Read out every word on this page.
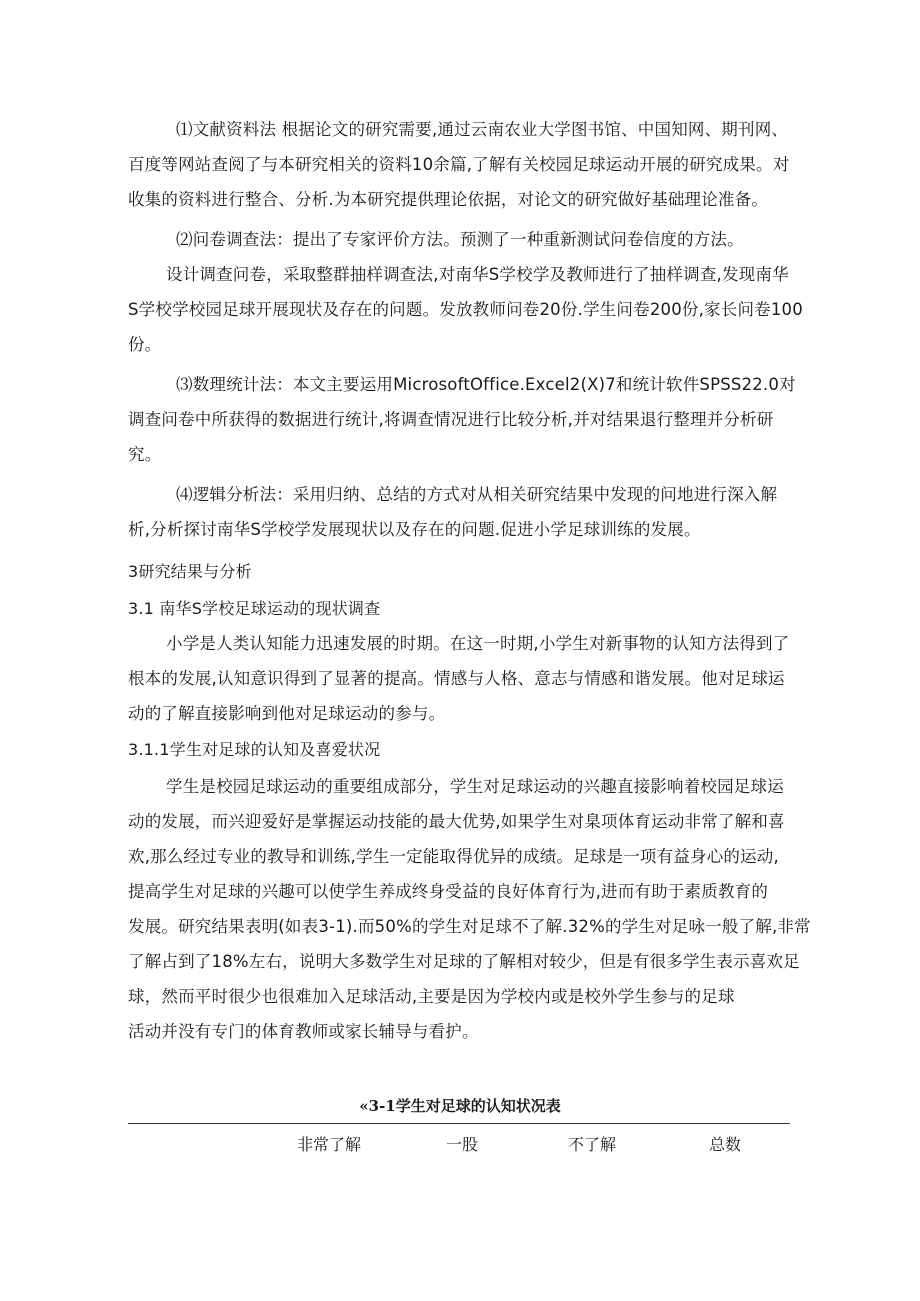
⑴文献资料法 根据论文的研究需要,通过云南农业大学图书馆、中国知网、期刊网、
百度等网站查阅了与本研究相关的资料10余篇,了解有关校园足球运动开展的研究成果。对
收集的资料进行整合、分析.为本研究提供理论依据，对论文的研究做好基础理论准备。
⑵问卷调查法：提出了专家评价方法。预测了一种重新测试问卷信度的方法。
设计调查问卷，采取整群抽样调查法,对南华S学校学及教师进行了抽样调查,发现南华
S学校学校园足球开展现状及存在的问题。发放教师问卷20份.学生问卷200份,家长问卷100
份。
⑶数理统计法：本文主要运用MicrosoftOffice.Excel2(X)7和统计软件SPSS22.0对
调查问卷中所获得的数据进行统计,将调查情况进行比较分析,并对结果退行整理并分析研
究。
⑷逻辑分析法：采用归纳、总结的方式对从相关研究结果中发现的问地进行深入解
析,分析探讨南华S学校学发展现状以及存在的问题.促进小学足球训练的发展。
3研究结果与分析
3.1 南华S学校足球运动的现状调查
小学是人类认知能力迅速发展的时期。在这一时期,小学生对新事物的认知方法得到了
根本的发展,认知意识得到了显著的提高。情感与人格、意志与情感和谐发展。他对足球运
动的了解直接影响到他对足球运动的参与。
3.1.1学生对足球的认知及喜爱状况
学生是校园足球运动的重要组成部分，学生对足球运动的兴趣直接影响着校园足球运
动的发展，而兴迎爱好是掌握运动技能的最大优势,如果学生对臬项体育运动非常了解和喜
欢,那么经过专业的教导和训练,学生一定能取得优异的成绩。足球是一项有益身心的运动,
提高学生对足球的兴趣可以使学生养成终身受益的良好体育行为,进而有助于素质教育的
发展。研究结果表明(如表3-1).而50%的学生对足球不了解.32%的学生对足咏一般了解,非常
了解占到了18%左右，说明大多数学生对足球的了解相对较少，但是有很多学生表示喜欢足
球，然而平时很少也很难加入足球活动,主要是因为学校内或是校外学生参与的足球
活动并没有专门的体育教师或家长辅导与看护。
«3-1学生对足球的认知状况表
非常了解	一股	不了解	总数
